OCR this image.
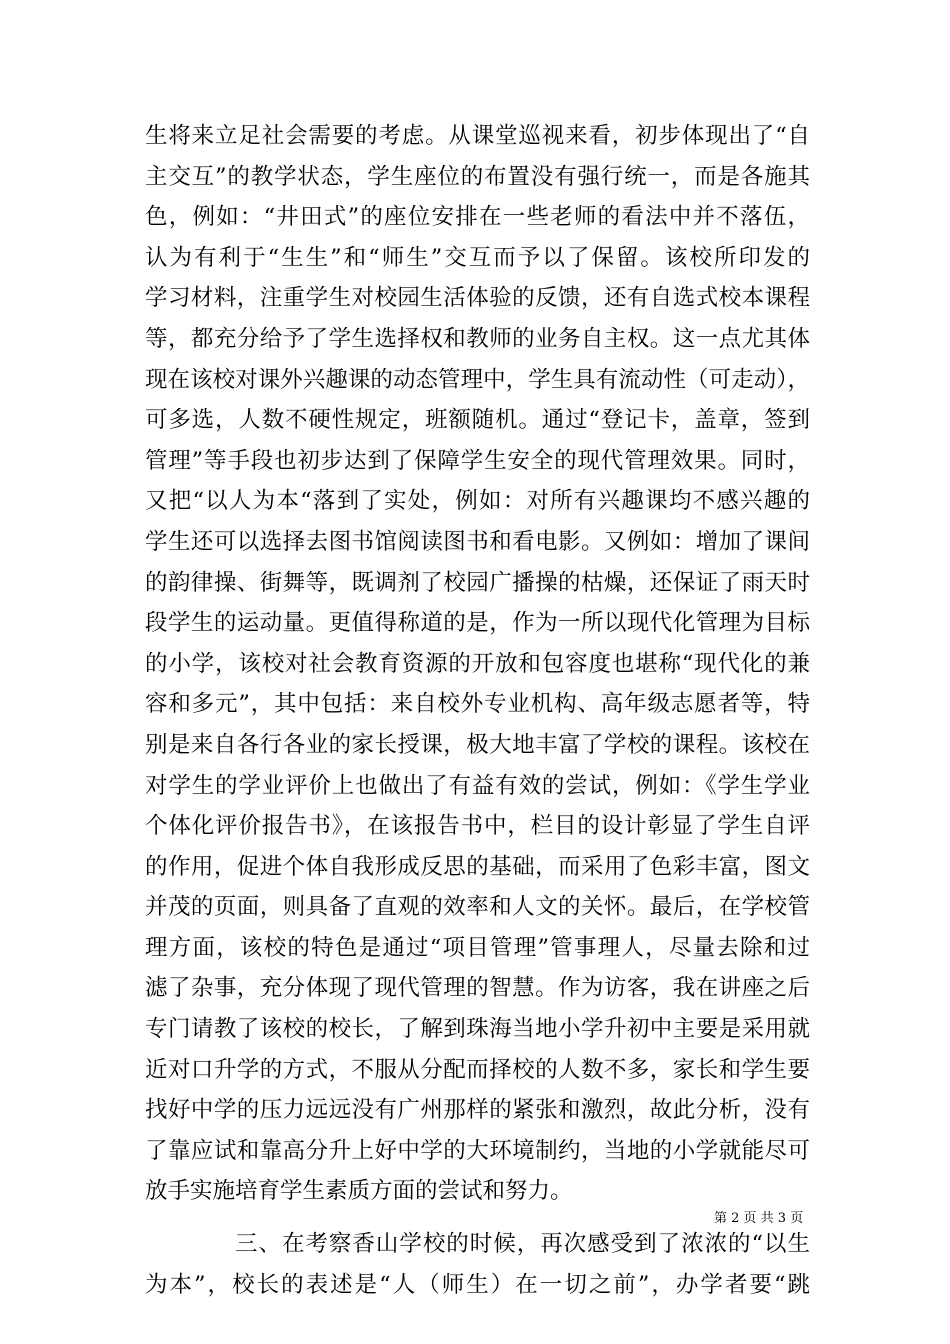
生将来立足社会需要的考虑。从课堂巡视来看，初步体现出了“自
主交互”的教学状态，学生座位的布置没有强行统一，而是各施其
色，例如：“井田式”的座位安排在一些老师的看法中并不落伍，
认为有利于“生生”和“师生”交互而予以了保留。该校所印发的
学习材料，注重学生对校园生活体验的反馈，还有自选式校本课程
等，都充分给予了学生选择权和教师的业务自主权。这一点尤其体
现在该校对课外兴趣课的动态管理中，学生具有流动性（可走动），
可多选，人数不硬性规定，班额随机。通过“登记卡，盖章，签到
管理”等手段也初步达到了保障学生安全的现代管理效果。同时，
又把“以人为本“落到了实处，例如：对所有兴趣课均不感兴趣的
学生还可以选择去图书馆阅读图书和看电影。又例如：增加了课间
的韵律操、街舞等，既调剂了校园广播操的枯燥，还保证了雨天时
段学生的运动量。更值得称道的是，作为一所以现代化管理为目标
的小学，该校对社会教育资源的开放和包容度也堪称“现代化的兼
容和多元”，其中包括：来自校外专业机构、高年级志愿者等，特
别是来自各行各业的家长授课，极大地丰富了学校的课程。该校在
对学生的学业评价上也做出了有益有效的尝试，例如：《学生学业
个体化评价报告书》，在该报告书中，栏目的设计彰显了学生自评
的作用，促进个体自我形成反思的基础，而采用了色彩丰富，图文
并茂的页面，则具备了直观的效率和人文的关怀。最后，在学校管
理方面，该校的特色是通过“项目管理”管事理人，尽量去除和过
滤了杂事，充分体现了现代管理的智慧。作为访客，我在讲座之后
专门请教了该校的校长，了解到珠海当地小学升初中主要是采用就
近对口升学的方式，不服从分配而择校的人数不多，家长和学生要
找好中学的压力远远没有广州那样的紧张和激烈，故此分析，没有
了靠应试和靠高分升上好中学的大环境制约，当地的小学就能尽可
放手实施培育学生素质方面的尝试和努力。
三、在考察香山学校的时候，再次感受到了浓浓的“以生
为本”，校长的表述是“人（师生）在一切之前”，办学者要“跳
第 2 页 共 3 页
